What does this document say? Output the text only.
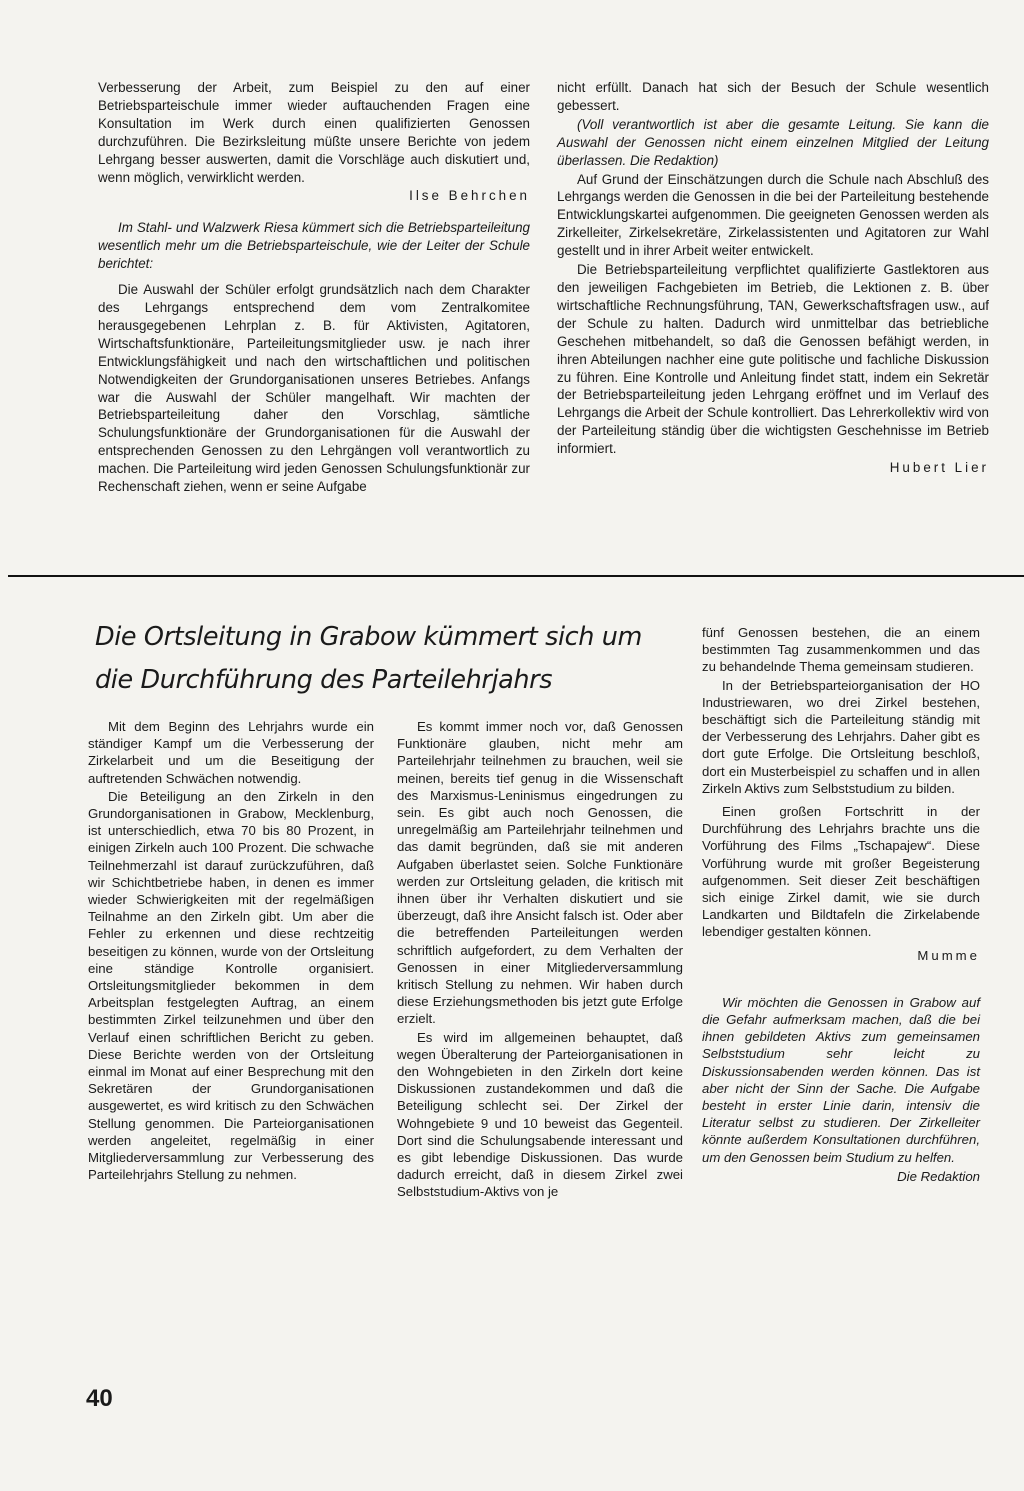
Verbesserung der Arbeit, zum Beispiel zu den auf einer Betriebsparteischule immer wieder auftauchenden Fragen eine Konsultation im Werk durch einen qualifizierten Genossen durchzuführen. Die Bezirksleitung müßte unsere Berichte von jedem Lehrgang besser auswerten, damit die Vorschläge auch diskutiert und, wenn möglich, verwirklicht werden.

Ilse Behrchen

Im Stahl- und Walzwerk Riesa kümmert sich die Betriebsparteileitung wesentlich mehr um die Betriebsparteischule, wie der Leiter der Schule berichtet:

Die Auswahl der Schüler erfolgt grundsätzlich nach dem Charakter des Lehrgangs entsprechend dem vom Zentralkomitee herausgegebenen Lehrplan z. B. für Aktivisten, Agitatoren, Wirtschaftsfunktionäre, Parteileitungsmitglieder usw. je nach ihrer Entwicklungsfähigkeit und nach den wirtschaftlichen und politischen Notwendigkeiten der Grundorganisationen unseres Betriebes. Anfangs war die Auswahl der Schüler mangelhaft. Wir machten der Betriebsparteileitung daher den Vorschlag, sämtliche Schulungsfunktionäre der Grundorganisationen für die Auswahl der entsprechenden Genossen zu den Lehrgängen voll verantwortlich zu machen. Die Parteileitung wird jeden Genossen Schulungsfunktionär zur Rechenschaft ziehen, wenn er seine Aufgabe

nicht erfüllt. Danach hat sich der Besuch der Schule wesentlich gebessert.

(Voll verantwortlich ist aber die gesamte Leitung. Sie kann die Auswahl der Genossen nicht einem einzelnen Mitglied der Leitung überlassen. Die Redaktion)

Auf Grund der Einschätzungen durch die Schule nach Abschluß des Lehrgangs werden die Genossen in die bei der Parteileitung bestehende Entwicklungskartei aufgenommen. Die geeigneten Genossen werden als Zirkelleiter, Zirkelsekretäre, Zirkelassistenten und Agitatoren zur Wahl gestellt und in ihrer Arbeit weiter entwickelt.

Die Betriebsparteileitung verpflichtet qualifizierte Gastlektoren aus den jeweiligen Fachgebieten im Betrieb, die Lektionen z. B. über wirtschaftliche Rechnungsführung, TAN, Gewerkschaftsfragen usw., auf der Schule zu halten. Dadurch wird unmittelbar das betriebliche Geschehen mitbehandelt, so daß die Genossen befähigt werden, in ihren Abteilungen nachher eine gute politische und fachliche Diskussion zu führen. Eine Kontrolle und Anleitung findet statt, indem ein Sekretär der Betriebsparteileitung jeden Lehrgang eröffnet und im Verlauf des Lehrgangs die Arbeit der Schule kontrolliert. Das Lehrerkollektiv wird von der Parteileitung ständig über die wichtigsten Geschehnisse im Betrieb informiert.

Hubert Lier

Die Ortsleitung in Grabow kümmert sich um die Durchführung des Parteilehrjahrs

Mit dem Beginn des Lehrjahrs wurde ein ständiger Kampf um die Verbesserung der Zirkelarbeit und um die Beseitigung der auftretenden Schwächen notwendig.

Die Beteiligung an den Zirkeln in den Grundorganisationen in Grabow, Mecklenburg, ist unterschiedlich, etwa 70 bis 80 Prozent, in einigen Zirkeln auch 100 Prozent. Die schwache Teilnehmerzahl ist darauf zurückzuführen, daß wir Schichtbetriebe haben, in denen es immer wieder Schwierigkeiten mit der regelmäßigen Teilnahme an den Zirkeln gibt. Um aber die Fehler zu erkennen und diese rechtzeitig beseitigen zu können, wurde von der Ortsleitung eine ständige Kontrolle organisiert. Ortsleitungsmitglieder bekommen in dem Arbeitsplan festgelegten Auftrag, an einem bestimmten Zirkel teilzunehmen und über den Verlauf einen schriftlichen Bericht zu geben. Diese Berichte werden von der Ortsleitung einmal im Monat auf einer Besprechung mit den Sekretären der Grundorganisationen ausgewertet, es wird kritisch zu den Schwächen Stellung genommen. Die Parteiorganisationen werden angeleitet, regelmäßig in einer Mitgliederversammlung zur Verbesserung des Parteilehrjahrs Stellung zu nehmen.

Es kommt immer noch vor, daß Genossen Funktionäre glauben, nicht mehr am Parteilehrjahr teilnehmen zu brauchen, weil sie meinen, bereits tief genug in die Wissenschaft des Marxismus-Leninismus eingedrungen zu sein. Es gibt auch noch Genossen, die unregelmäßig am Parteilehrjahr teilnehmen und das damit begründen, daß sie mit anderen Aufgaben überlastet seien. Solche Funktionäre werden zur Ortsleitung geladen, die kritisch mit ihnen über ihr Verhalten diskutiert und sie überzeugt, daß ihre Ansicht falsch ist. Oder aber die betreffenden Parteileitungen werden schriftlich aufgefordert, zu dem Verhalten der Genossen in einer Mitgliederversammlung kritisch Stellung zu nehmen. Wir haben durch diese Erziehungsmethoden bis jetzt gute Erfolge erzielt.

Es wird im allgemeinen behauptet, daß wegen Überalterung der Parteiorganisationen in den Wohngebieten in den Zirkeln dort keine Diskussionen zustandekommen und daß die Beteiligung schlecht sei. Der Zirkel der Wohngebiete 9 und 10 beweist das Gegenteil. Dort sind die Schulungsabende interessant und es gibt lebendige Diskussionen. Das wurde dadurch erreicht, daß in diesem Zirkel zwei Selbststudium-Aktivs von je

fünf Genossen bestehen, die an einem bestimmten Tag zusammenkommen und das zu behandelnde Thema gemeinsam studieren.

In der Betriebsparteiorganisation der HO Industriewaren, wo drei Zirkel bestehen, beschäftigt sich die Parteileitung ständig mit der Verbesserung des Lehrjahrs. Daher gibt es dort gute Erfolge. Die Ortsleitung beschloß, dort ein Musterbeispiel zu schaffen und in allen Zirkeln Aktivs zum Selbststudium zu bilden.

Einen großen Fortschritt in der Durchführung des Lehrjahrs brachte uns die Vorführung des Films „Tschapajew“. Diese Vorführung wurde mit großer Begeisterung aufgenommen. Seit dieser Zeit beschäftigen sich einige Zirkel damit, wie sie durch Landkarten und Bildtafeln die Zirkelabende lebendiger gestalten können.

Mumme

Wir möchten die Genossen in Grabow auf die Gefahr aufmerksam machen, daß die bei ihnen gebildeten Aktivs zum gemeinsamen Selbststudium sehr leicht zu Diskussionsabenden werden können. Das ist aber nicht der Sinn der Sache. Die Aufgabe besteht in erster Linie darin, intensiv die Literatur selbst zu studieren. Der Zirkelleiter könnte außerdem Konsultationen durchführen, um den Genossen beim Studium zu helfen.

Die Redaktion

40
